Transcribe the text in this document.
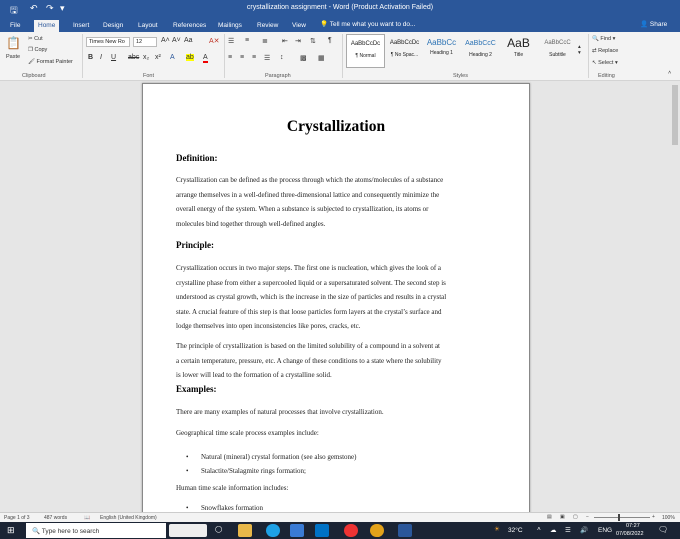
🖫 ↶ ↷ ▾	crystallization assignment - Word (Product Activation Failed)
File	Home	Insert	Design	Layout	References	Mailings	Review	View	💡 Tell me what you want to do...	👤 Share
📋
Paste
✂ Cut
❐ Copy
🖌 Format Painter
Clipboard
Times New Ro	12	A˄ A˅ Aa A✕
B I U abc x₂ x² A ab A
Font
☰ ≡ ≣ ⇤ ⇥ ⇅ ¶
≡ ≡ ≡ ☰ ↕ ▩ ▦
Paragraph
AaBbCcDc
¶ Normal
AaBbCcDc
¶ No Spac...
AaBbCc
Heading 1
AaBbCcC
Heading 2
AaB
Title
AaBbCcC
Subtitle
▴
▾
Styles
🔍 Find ▾
⇄ Replace
↖ Select ▾
Editing	˄
Crystallization
Definition:
Crystallization can be defined as the process through which the atoms/molecules of a substance
arrange themselves in a well-defined three-dimensional lattice and consequently minimize the
overall energy of the system. When a substance is subjected to crystallization, its atoms or
molecules bind together through well-defined angles.
Principle:
Crystallization occurs in two major steps. The first one is nucleation, which gives the look of a
crystalline phase from either a supercooled liquid or a supersaturated solvent. The second step is
understood as crystal growth, which is the increase in the size of particles and results in a crystal
state. A crucial feature of this step is that loose particles form layers at the crystal’s surface and
lodge themselves into open inconsistencies like pores, cracks, etc.
The principle of crystallization is based on the limited solubility of a compound in a solvent at
a certain temperature, pressure, etc. A change of these conditions to a state where the solubility
is lower will lead to the formation of a crystalline solid.
Examples:
There are many examples of natural processes that involve crystallization.
Geographical time scale process examples include:
• Natural (mineral) crystal formation (see also gemstone)
• Stalactite/Stalagmite rings formation;
Human time scale information includes:
• Snowflakes formation
Page 1 of 3	487 words	📖 English (United Kingdom)	▤ ▣ ▢ −	+ 100%
⊞	🔍 Type here to search	◯	☀ 32°C ˄ ☁ ☰ 🔊 ENG
07:27
07/08/2022 🗨
